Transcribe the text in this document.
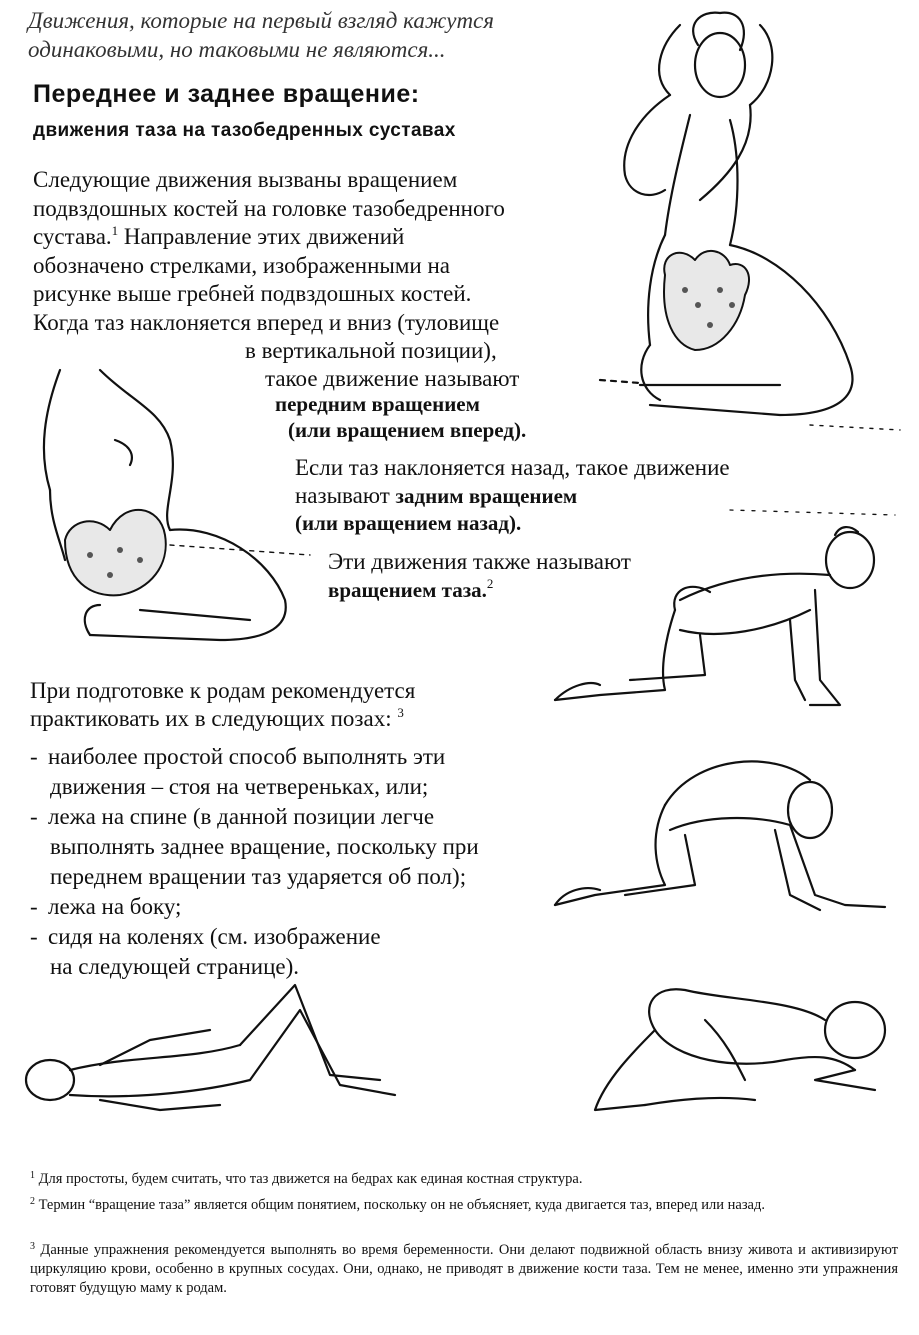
Движения, которые на первый взгляд кажутся
одинаковыми, но таковыми не являются...
Переднее и заднее вращение:
движения таза на тазобедренных суставах
Следующие движения вызваны вращением
подвздошных костей на головке тазобедренного
сустава.$^1$ Направление этих движений
обозначено стрелками, изображенными на
рисунке выше гребней подвздошных костей.
Когда таз наклоняется вперед и вниз (туловище
в вертикальной позиции),
такое движение называют
передним вращением
(или вращением вперед).
Если таз наклоняется назад, такое движение
называют задним вращением
(или вращением назад).
Эти движения также называют
вращением таза.$^2$
При подготовке к родам рекомендуется
практиковать их в следующих позах: $^3$
- наиболее простой способ выполнять эти
движения – стоя на четвереньках, или;
- лежа на спине (в данной позиции легче
выполнять заднее вращение, поскольку при
переднем вращении таз ударяется об пол);
- лежа на боку;
- сидя на коленях (см. изображение
на следующей странице).
$^1$ Для простоты, будем считать, что таз движется на бедрах как единая костная структура.
$^2$ Термин “вращение таза” является общим понятием, поскольку он не объясняет, куда двигается таз, вперед или назад.
$^3$ Данные упражнения рекомендуется выполнять во время беременности. Они делают подвижной область внизу живота и активизируют циркуляцию крови, особенно в крупных сосудах. Они, однако, не приводят в движение кости таза. Тем не менее, именно эти упражнения готовят будущую маму к родам.
